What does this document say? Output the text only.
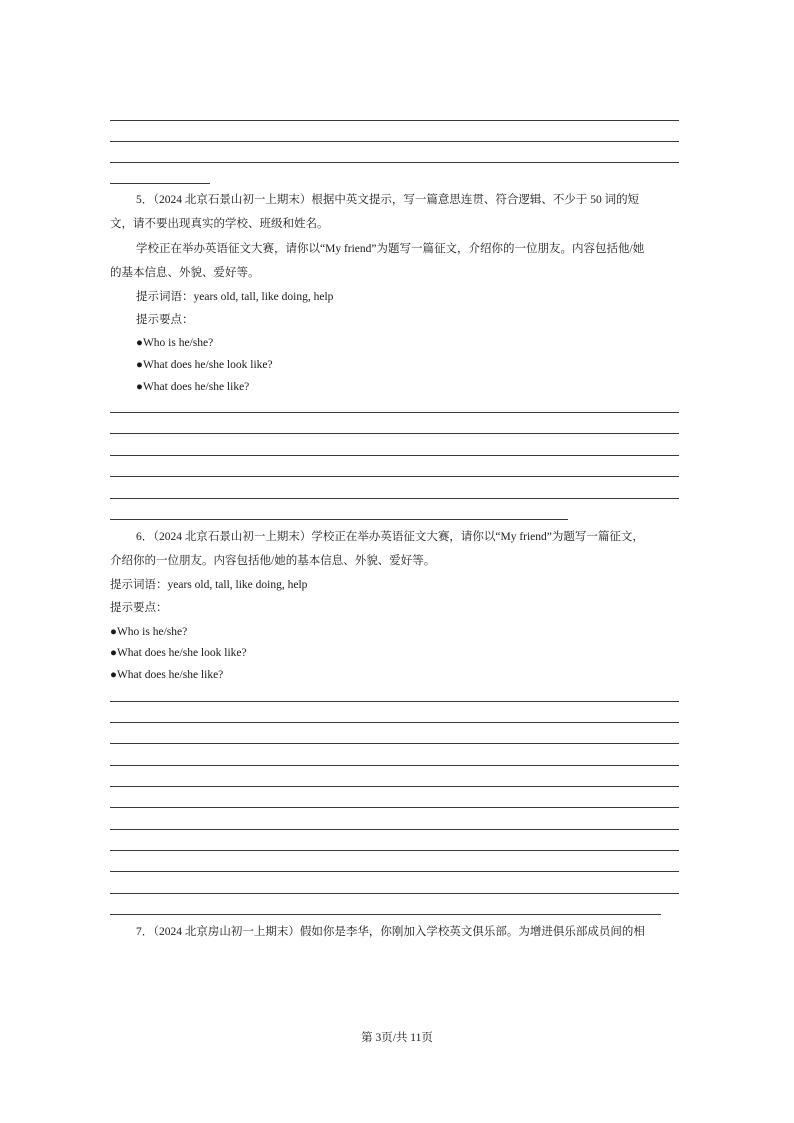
5．（2024 北京石景山初一上期末）根据中英文提示，写一篇意思连贯、符合逻辑、不少于 50 词的短
文，请不要出现真实的学校、班级和姓名。
学校正在举办英语征文大赛，请你以“My friend”为题写一篇征文，介绍你的一位朋友。内容包括他/她
的基本信息、外貌、爱好等。
提示词语：years old, tall, like doing, help
提示要点：
●Who is he/she?
●What does he/she look like?
●What does he/she like?
6．（2024 北京石景山初一上期末）学校正在举办英语征文大赛，请你以“My friend”为题写一篇征文，
介绍你的一位朋友。内容包括他/她的基本信息、外貌、爱好等。
提示词语：years old, tall, like doing, help
提示要点：
●Who is he/she?
●What does he/she look like?
●What does he/she like?
7．（2024 北京房山初一上期末）假如你是李华，你刚加入学校英文俱乐部。为增进俱乐部成员间的相
第 3页/共 11页
